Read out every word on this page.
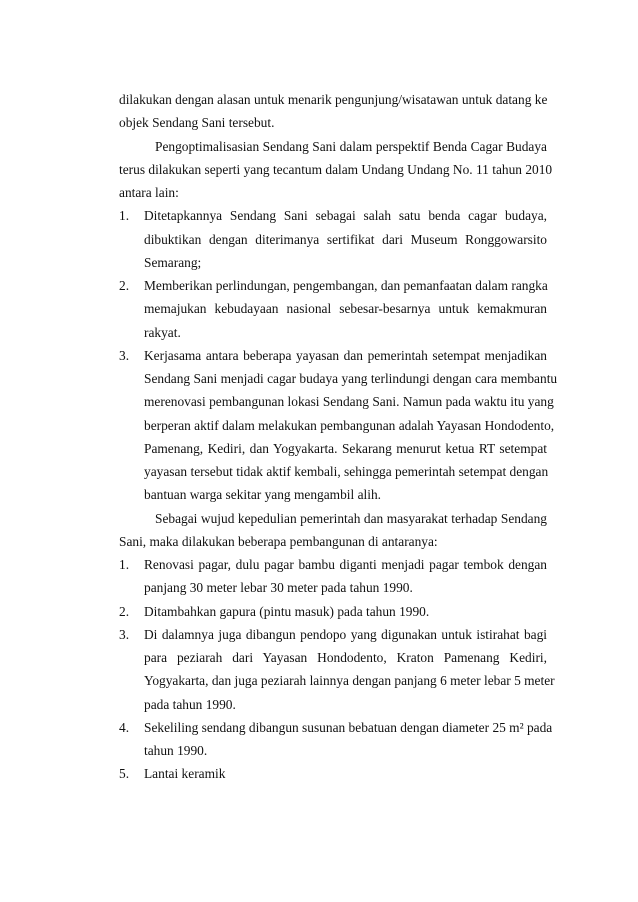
dilakukan dengan alasan untuk menarik pengunjung/wisatawan untuk datang ke
objek Sendang Sani tersebut.

Pengoptimalisasian Sendang Sani dalam perspektif Benda Cagar Budaya
terus dilakukan seperti yang tecantum dalam Undang Undang No. 11 tahun 2010
antara lain:

1. Ditetapkannya Sendang Sani sebagai salah satu benda cagar budaya,
dibuktikan dengan diterimanya sertifikat dari Museum Ronggowarsito
Semarang;
2. Memberikan perlindungan, pengembangan, dan pemanfaatan dalam rangka
memajukan kebudayaan nasional sebesar-besarnya untuk kemakmuran
rakyat.
3. Kerjasama antara beberapa yayasan dan pemerintah setempat menjadikan
Sendang Sani menjadi cagar budaya yang terlindungi dengan cara membantu
merenovasi pembangunan lokasi Sendang Sani. Namun pada waktu itu yang
berperan aktif dalam melakukan pembangunan adalah Yayasan Hondodento,
Pamenang, Kediri, dan Yogyakarta. Sekarang menurut ketua RT setempat
yayasan tersebut tidak aktif kembali, sehingga pemerintah setempat dengan
bantuan warga sekitar yang mengambil alih.

Sebagai wujud kepedulian pemerintah dan masyarakat terhadap Sendang
Sani, maka dilakukan beberapa pembangunan di antaranya:

1. Renovasi pagar, dulu pagar bambu diganti menjadi pagar tembok dengan
panjang 30 meter lebar 30 meter pada tahun 1990.
2. Ditambahkan gapura (pintu masuk) pada tahun 1990.
3. Di dalamnya juga dibangun pendopo yang digunakan untuk istirahat bagi
para peziarah dari Yayasan Hondodento, Kraton Pamenang Kediri,
Yogyakarta, dan juga peziarah lainnya dengan panjang 6 meter lebar 5 meter
pada tahun 1990.
4. Sekeliling sendang dibangun susunan bebatuan dengan diameter 25 m² pada
tahun 1990.
5. Lantai keramik
